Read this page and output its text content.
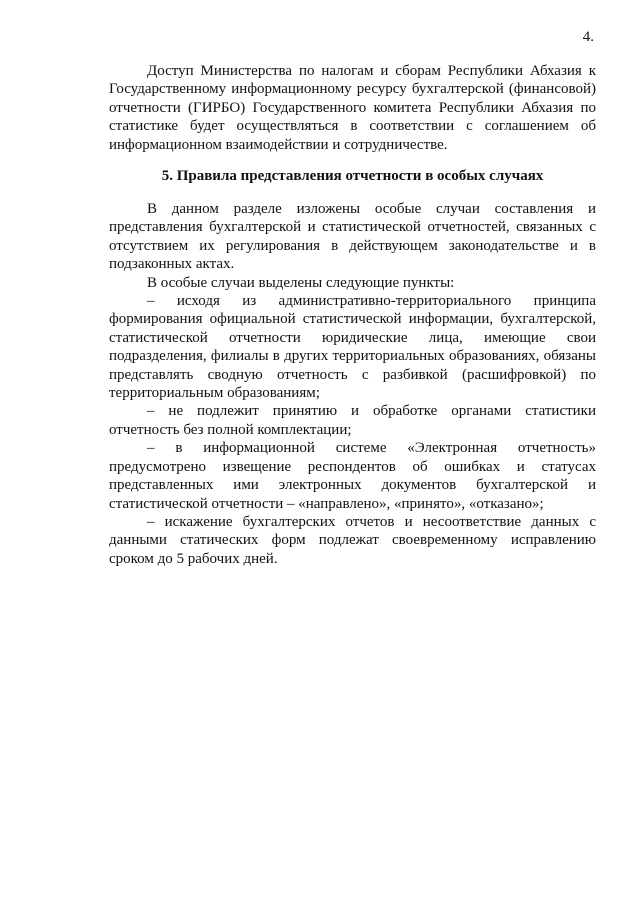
4.

Доступ Министерства по налогам и сборам Республики Абхазия к Государственному информационному ресурсу бухгалтерской (финансовой) отчетности (ГИРБО) Государственного комитета Республики Абхазия по статистике будет осуществляться в соответствии с соглашением об информационном взаимодействии и сотрудничестве.

5. Правила представления отчетности в особых случаях

В данном разделе изложены особые случаи составления и представления бухгалтерской и статистической отчетностей, связанных с отсутствием их регулирования в действующем законодательстве и в подзаконных актах.

В особые случаи выделены следующие пункты:

– исходя из административно-территориального принципа формирования официальной статистической информации, бухгалтерской, статистической отчетности юридические лица, имеющие свои подразделения, филиалы в других территориальных образованиях, обязаны представлять сводную отчетность с разбивкой (расшифровкой) по территориальным образованиям;

– не подлежит принятию и обработке органами статистики отчетность без полной комплектации;

– в информационной системе «Электронная отчетность» предусмотрено извещение респондентов об ошибках и статусах представленных ими электронных документов бухгалтерской и статистической отчетности – «направлено», «принято», «отказано»;

– искажение бухгалтерских отчетов и несоответствие данных с данными статических форм подлежат своевременному исправлению сроком до 5 рабочих дней.
